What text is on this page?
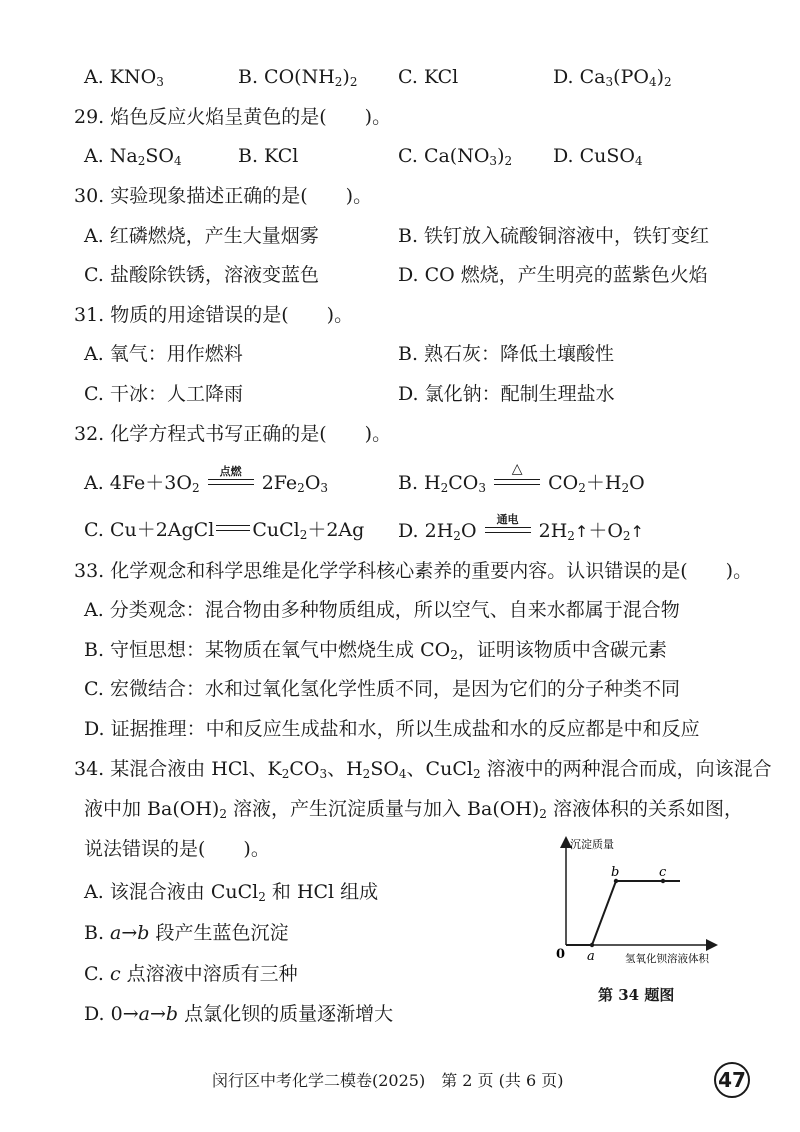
A. $KNO_3$	B. $CO(NH_2)_2$ C. KCl	D. $Ca_3(PO_4)_2$
29. 焰色反应火焰呈黄色的是(　　)。
A. $Na_2SO_4$	B. KCl	C. $Ca(NO_3)_2$ D. CuSO$_4$
30. 实验现象描述正确的是(　　)。
A. 红磷燃烧，产生大量烟雾	B. 铁钉放入硫酸铜溶液中，铁钉变红
C. 盐酸除铁锈，溶液变蓝色	D. CO 燃烧，产生明亮的蓝紫色火焰
31. 物质的用途错误的是(　　)。
A. 氧气：用作燃料	B. 熟石灰：降低土壤酸性
C. 干冰：人工降雨	D. 氯化钠：配制生理盐水
32. 化学方程式书写正确的是(　　)。
A. $4Fe+3O_2$
点燃
$2Fe_2O_3$	B. $H_2CO_3$
△
$CO_2+H_2O$
C. Cu＋2AgCl CuCl$_2$＋2Ag D. $2H_2O$
通电
$2H_2↑+O_2↑$
33. 化学观念和科学思维是化学学科核心素养的重要内容。认识错误的是(　　)。
A. 分类观念：混合物由多种物质组成，所以空气、自来水都属于混合物
B. 守恒思想：某物质在氧气中燃烧生成 $CO_2$，证明该物质中含碳元素
C. 宏微结合：水和过氧化氢化学性质不同，是因为它们的分子种类不同
D. 证据推理：中和反应生成盐和水，所以生成盐和水的反应都是中和反应
34. 某混合液由 HCl、$K_2CO_3$、$H_2SO_4$、CuCl$_2$ 溶液中的两种混合而成，向该混合
液中加 $Ba(OH)_2$ 溶液，产生沉淀质量与加入 $Ba(OH)_2$ 溶液体积的关系如图，
说法错误的是(　　)。
A. 该混合液由 CuCl$_2$ 和 HCl 组成
B. a→b 段产生蓝色沉淀
C. c 点溶液中溶质有三种
D. 0→a→b 点氯化钡的质量逐渐增大
沉淀质量
氢氧化钡溶液体积
0 a
b	c
第 34 题图
闵行区中考化学二模卷(2025)　第 2 页 (共 6 页)	47
